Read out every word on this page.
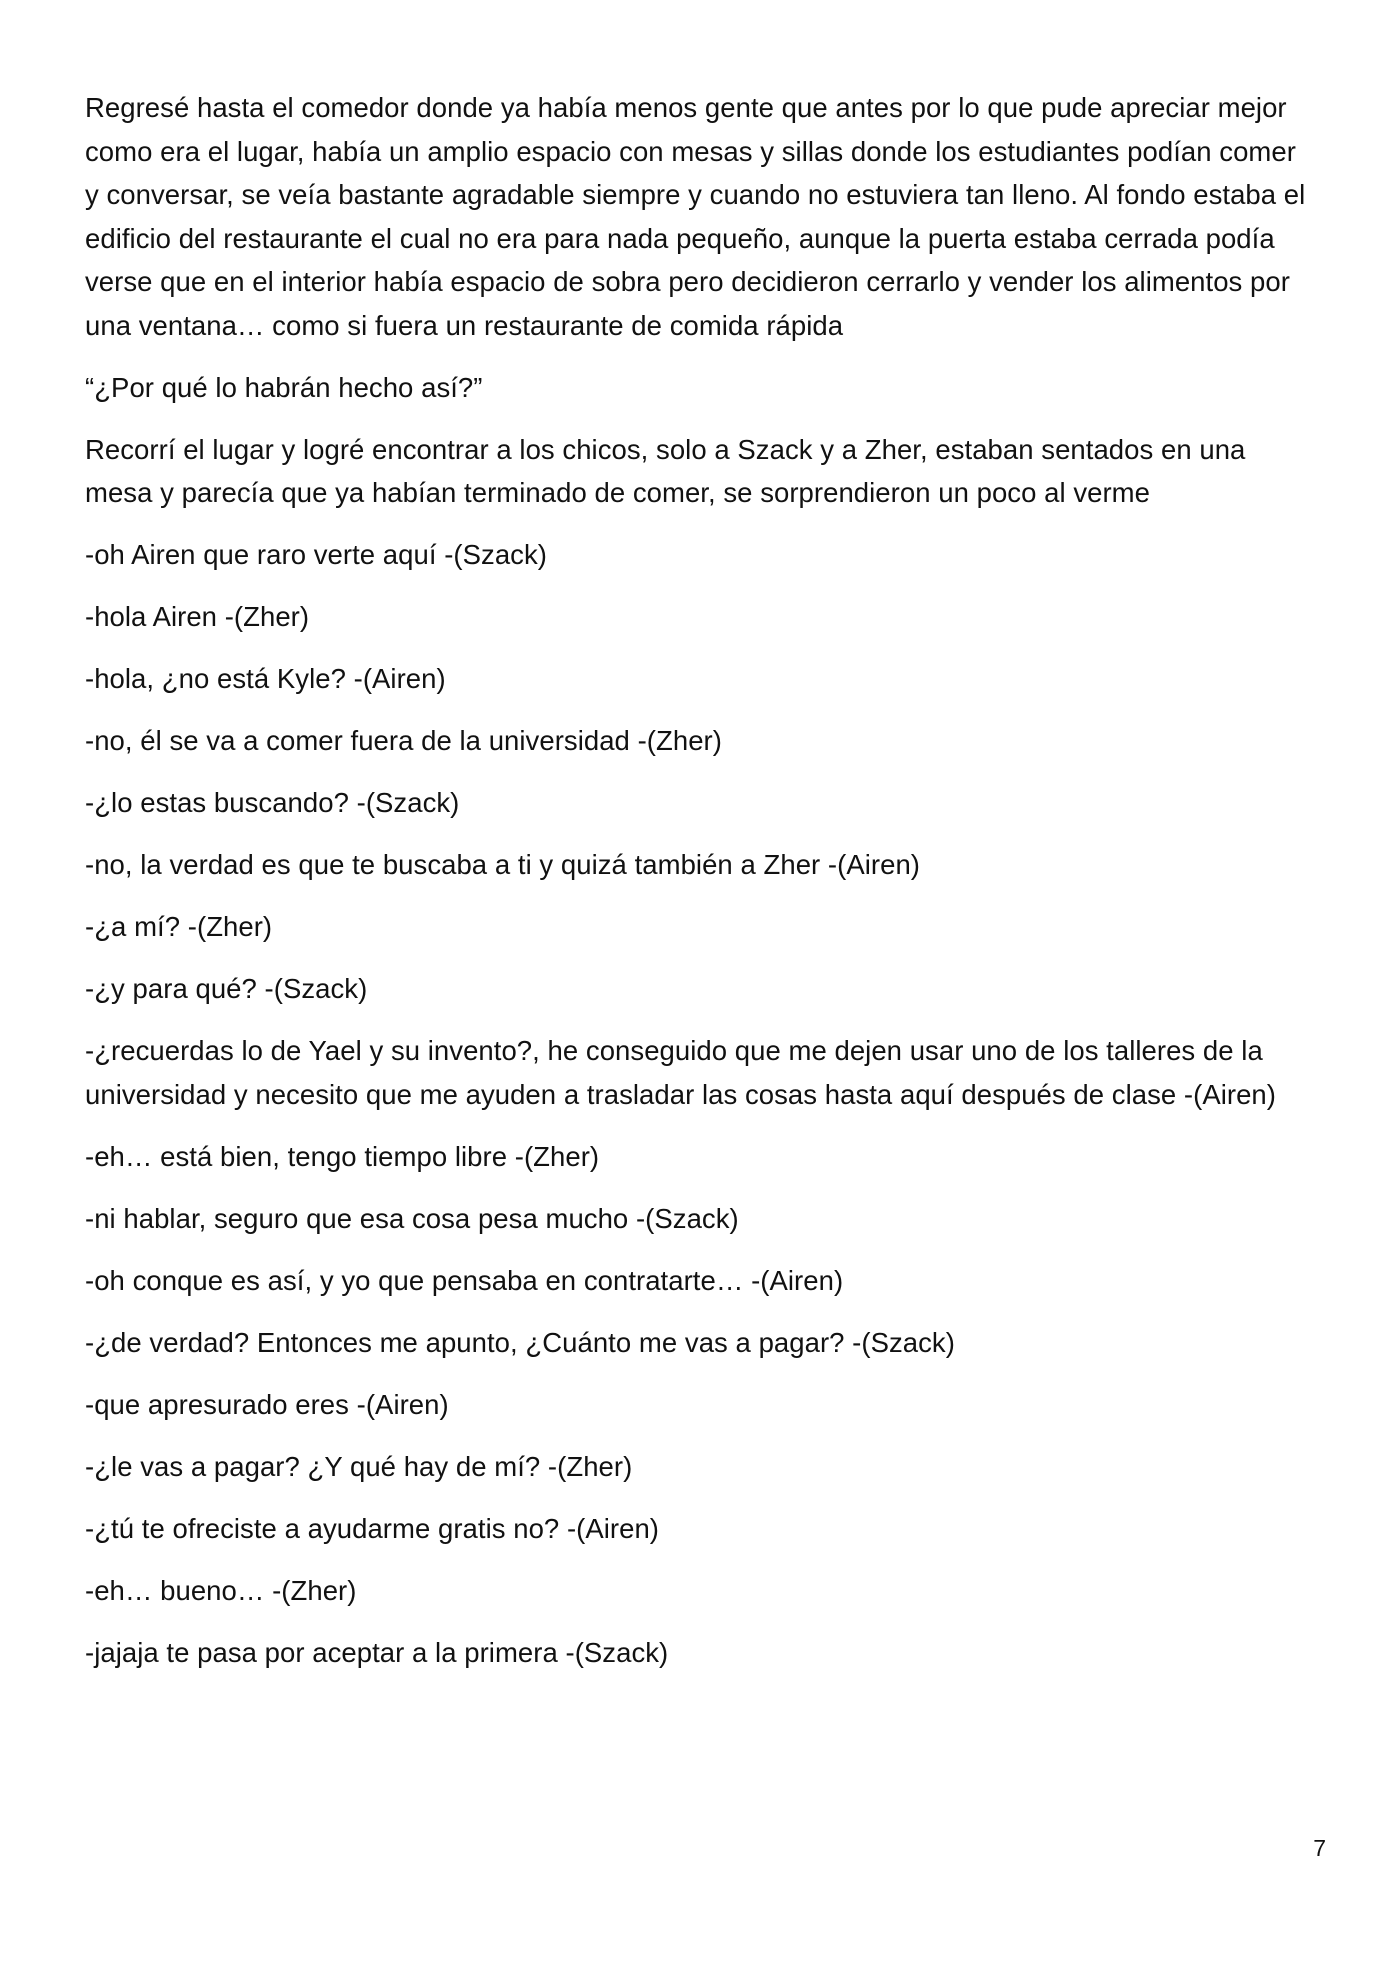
Regresé hasta el comedor donde ya había menos gente que antes por lo que pude apreciar mejor como era el lugar, había un amplio espacio con mesas y sillas donde los estudiantes podían comer y conversar, se veía bastante agradable siempre y cuando no estuviera tan lleno. Al fondo estaba el edificio del restaurante el cual no era para nada pequeño, aunque la puerta estaba cerrada podía verse que en el interior había espacio de sobra pero decidieron cerrarlo y vender los alimentos por una ventana… como si fuera un restaurante de comida rápida

“¿Por qué lo habrán hecho así?”

Recorrí el lugar y logré encontrar a los chicos, solo a Szack y a Zher, estaban sentados en una mesa y parecía que ya habían terminado de comer, se sorprendieron un poco al verme

-oh Airen que raro verte aquí -(Szack)

-hola Airen -(Zher)

-hola, ¿no está Kyle? -(Airen)

-no, él se va a comer fuera de la universidad -(Zher)

-¿lo estas buscando? -(Szack)

-no, la verdad es que te buscaba a ti y quizá también a Zher -(Airen)

-¿a mí? -(Zher)

-¿y para qué? -(Szack)

-¿recuerdas lo de Yael y su invento?, he conseguido que me dejen usar uno de los talleres de la universidad y necesito que me ayuden a trasladar las cosas hasta aquí después de clase -(Airen)

-eh… está bien, tengo tiempo libre -(Zher)

-ni hablar, seguro que esa cosa pesa mucho -(Szack)

-oh conque es así, y yo que pensaba en contratarte… -(Airen)

-¿de verdad? Entonces me apunto, ¿Cuánto me vas a pagar? -(Szack)

-que apresurado eres -(Airen)

-¿le vas a pagar? ¿Y qué hay de mí? -(Zher)

-¿tú te ofreciste a ayudarme gratis no? -(Airen)

-eh… bueno… -(Zher)

-jajaja te pasa por aceptar a la primera -(Szack)

7
